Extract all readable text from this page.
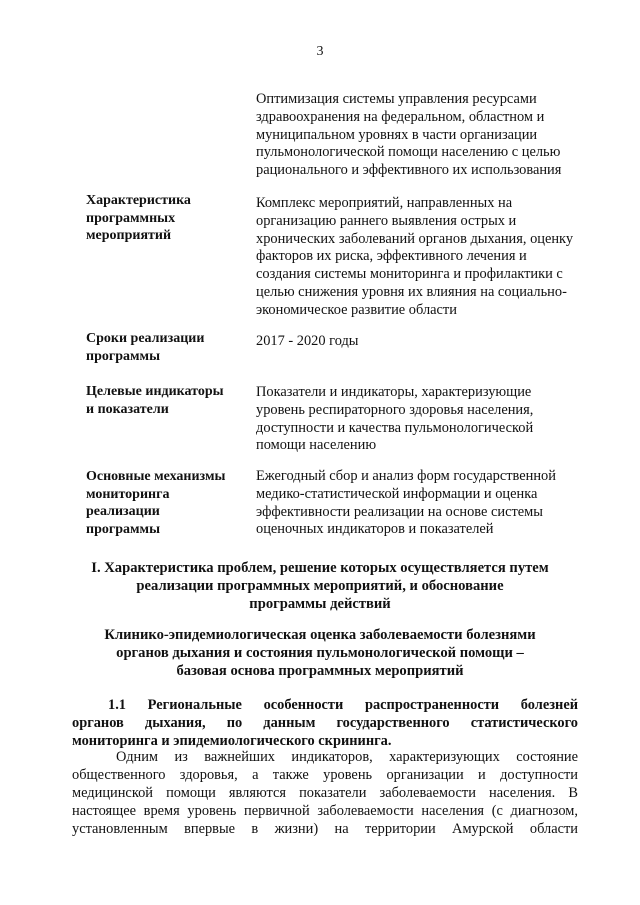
3
Оптимизация системы управления ресурсами
здравоохранения на федеральном, областном и
муниципальном уровнях в части организации
пульмонологической помощи населению с целью
рационального и эффективного их использования
Характеристика
программных
мероприятий
Комплекс мероприятий, направленных на
организацию раннего выявления острых и
хронических заболеваний органов дыхания, оценку
факторов их риска, эффективного лечения и
создания системы мониторинга и профилактики с
целью снижения уровня их влияния на социально-
экономическое развитие области
Сроки реализации
программы
2017 - 2020 годы
Целевые индикаторы
и показатели
Показатели и индикаторы, характеризующие
уровень респираторного здоровья населения,
доступности и качества пульмонологической
помощи населению
Основные механизмы
мониторинга
реализации
программы
Ежегодный сбор и анализ форм государственной
медико-статистической информации и оценка
эффективности реализации на основе системы
оценочных индикаторов и показателей
I. Характеристика проблем, решение которых осуществляется путем
реализации программных мероприятий, и обоснование
программы действий
Клинико-эпидемиологическая оценка заболеваемости болезнями
органов дыхания и состояния пульмонологической помощи –
базовая основа программных мероприятий
1.1 Региональные особенности распространенности болезней
органов дыхания, по данным государственного статистического
мониторинга и эпидемиологического скрининга.
Одним из важнейших индикаторов, характеризующих состояние
общественного здоровья, а также уровень организации и доступности
медицинской помощи являются показатели заболеваемости населения. В
настоящее время уровень первичной заболеваемости населения (с диагнозом,
установленным впервые в жизни) на территории Амурской области
